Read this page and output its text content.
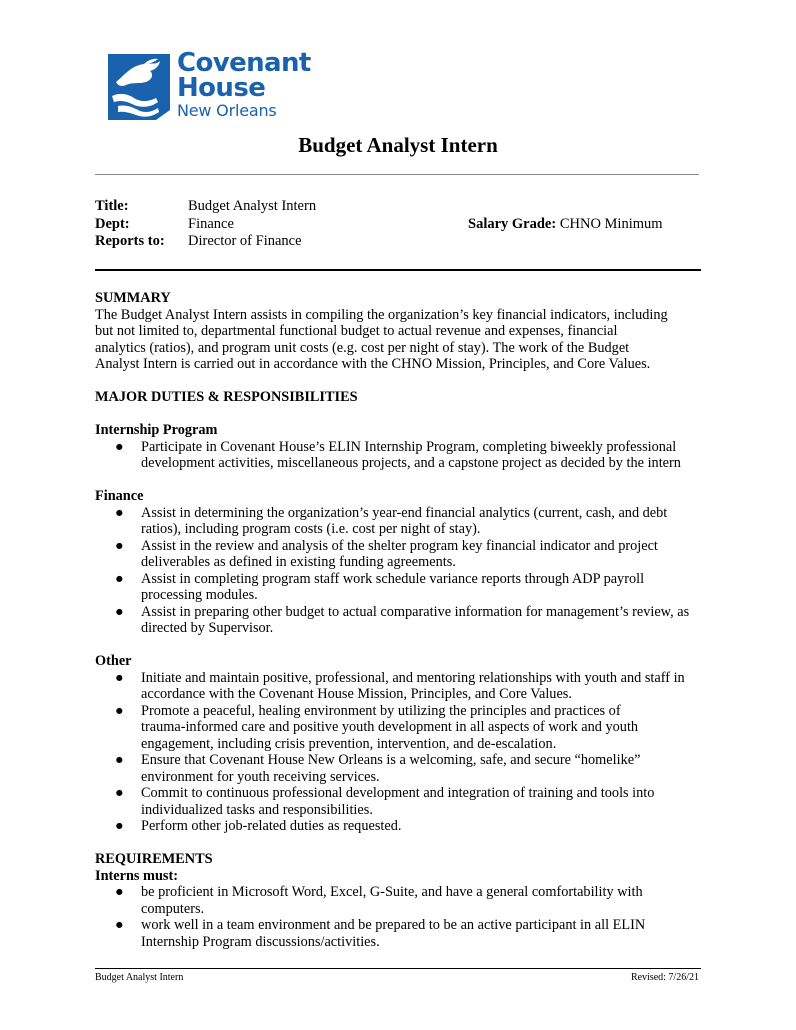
Covenant
House
New Orleans
Budget Analyst Intern
Title:	Budget Analyst Intern
Dept:	Finance
Reports to:	Director of Finance
Salary Grade: CHNO Minimum

SUMMARY

The Budget Analyst Intern assists in compiling the organization’s key financial indicators, including
but not limited to, departmental functional budget to actual revenue and expenses, financial
analytics (ratios), and program unit costs (e.g. cost per night of stay). The work of the Budget
Analyst Intern is carried out in accordance with the CHNO Mission, Principles, and Core Values.

MAJOR DUTIES & RESPONSIBILITIES

Internship Program

● Participate in Covenant House’s ELIN Internship Program, completing biweekly professional
development activities, miscellaneous projects, and a capstone project as decided by the intern

Finance

● Assist in determining the organization’s year-end financial analytics (current, cash, and debt
ratios), including program costs (i.e. cost per night of stay).
● Assist in the review and analysis of the shelter program key financial indicator and project
deliverables as defined in existing funding agreements.
● Assist in completing program staff work schedule variance reports through ADP payroll
processing modules.
● Assist in preparing other budget to actual comparative information for management’s review, as
directed by Supervisor.

Other

● Initiate and maintain positive, professional, and mentoring relationships with youth and staff in
accordance with the Covenant House Mission, Principles, and Core Values.
● Promote a peaceful, healing environment by utilizing the principles and practices of
trauma-informed care and positive youth development in all aspects of work and youth
engagement, including crisis prevention, intervention, and de-escalation.
● Ensure that Covenant House New Orleans is a welcoming, safe, and secure “homelike”
environment for youth receiving services.
● Commit to continuous professional development and integration of training and tools into
individualized tasks and responsibilities.
● Perform other job-related duties as requested.

REQUIREMENTS

Interns must:

● be proficient in Microsoft Word, Excel, G-Suite, and have a general comfortability with
computers.
● work well in a team environment and be prepared to be an active participant in all ELIN
Internship Program discussions/activities.
Budget Analyst Intern	Revised: 7/26/21
